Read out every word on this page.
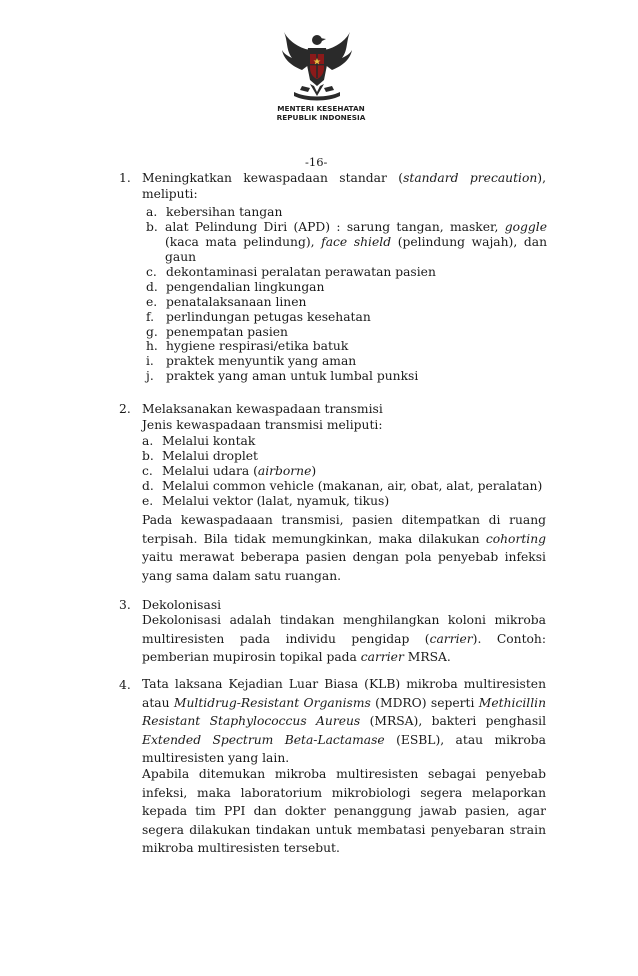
MENTERI KESEHATAN
REPUBLIK INDONESIA
-16-
1. Meningkatkan kewaspadaan standar (standard precaution),
meliputi:
a. kebersihan tangan
b. alat Pelindung Diri (APD) : sarung tangan, masker, goggle (kaca mata pelindung), face shield (pelindung wajah), dan gaun
c. dekontaminasi peralatan perawatan pasien
d. pengendalian lingkungan
e. penatalaksanaan linen
f. perlindungan petugas kesehatan
g. penempatan pasien
h. hygiene respirasi/etika batuk
i. praktek menyuntik yang aman
j. praktek yang aman untuk lumbal punksi
2. Melaksanakan kewaspadaan transmisi
Jenis kewaspadaan transmisi meliputi:
a. Melalui kontak
b. Melalui droplet
c. Melalui udara (airborne)
d. Melalui common vehicle (makanan, air, obat, alat, peralatan)
e. Melalui vektor (lalat, nyamuk, tikus)
Pada kewaspadaaan transmisi, pasien ditempatkan di ruang terpisah. Bila tidak memungkinkan, maka dilakukan cohorting yaitu merawat beberapa pasien dengan pola penyebab infeksi yang sama dalam satu ruangan.
3. Dekolonisasi
Dekolonisasi adalah tindakan menghilangkan koloni mikroba multiresisten pada individu pengidap (carrier). Contoh: pemberian mupirosin topikal pada carrier MRSA.
4. Tata laksana Kejadian Luar Biasa (KLB) mikroba multiresisten atau Multidrug-Resistant Organisms (MDRO) seperti Methicillin Resistant Staphylococcus Aureus (MRSA), bakteri penghasil Extended Spectrum Beta-Lactamase (ESBL), atau mikroba multiresisten yang lain.
Apabila ditemukan mikroba multiresisten sebagai penyebab infeksi, maka laboratorium mikrobiologi segera melaporkan kepada tim PPI dan dokter penanggung jawab pasien, agar segera dilakukan tindakan untuk membatasi penyebaran strain mikroba multiresisten tersebut.
